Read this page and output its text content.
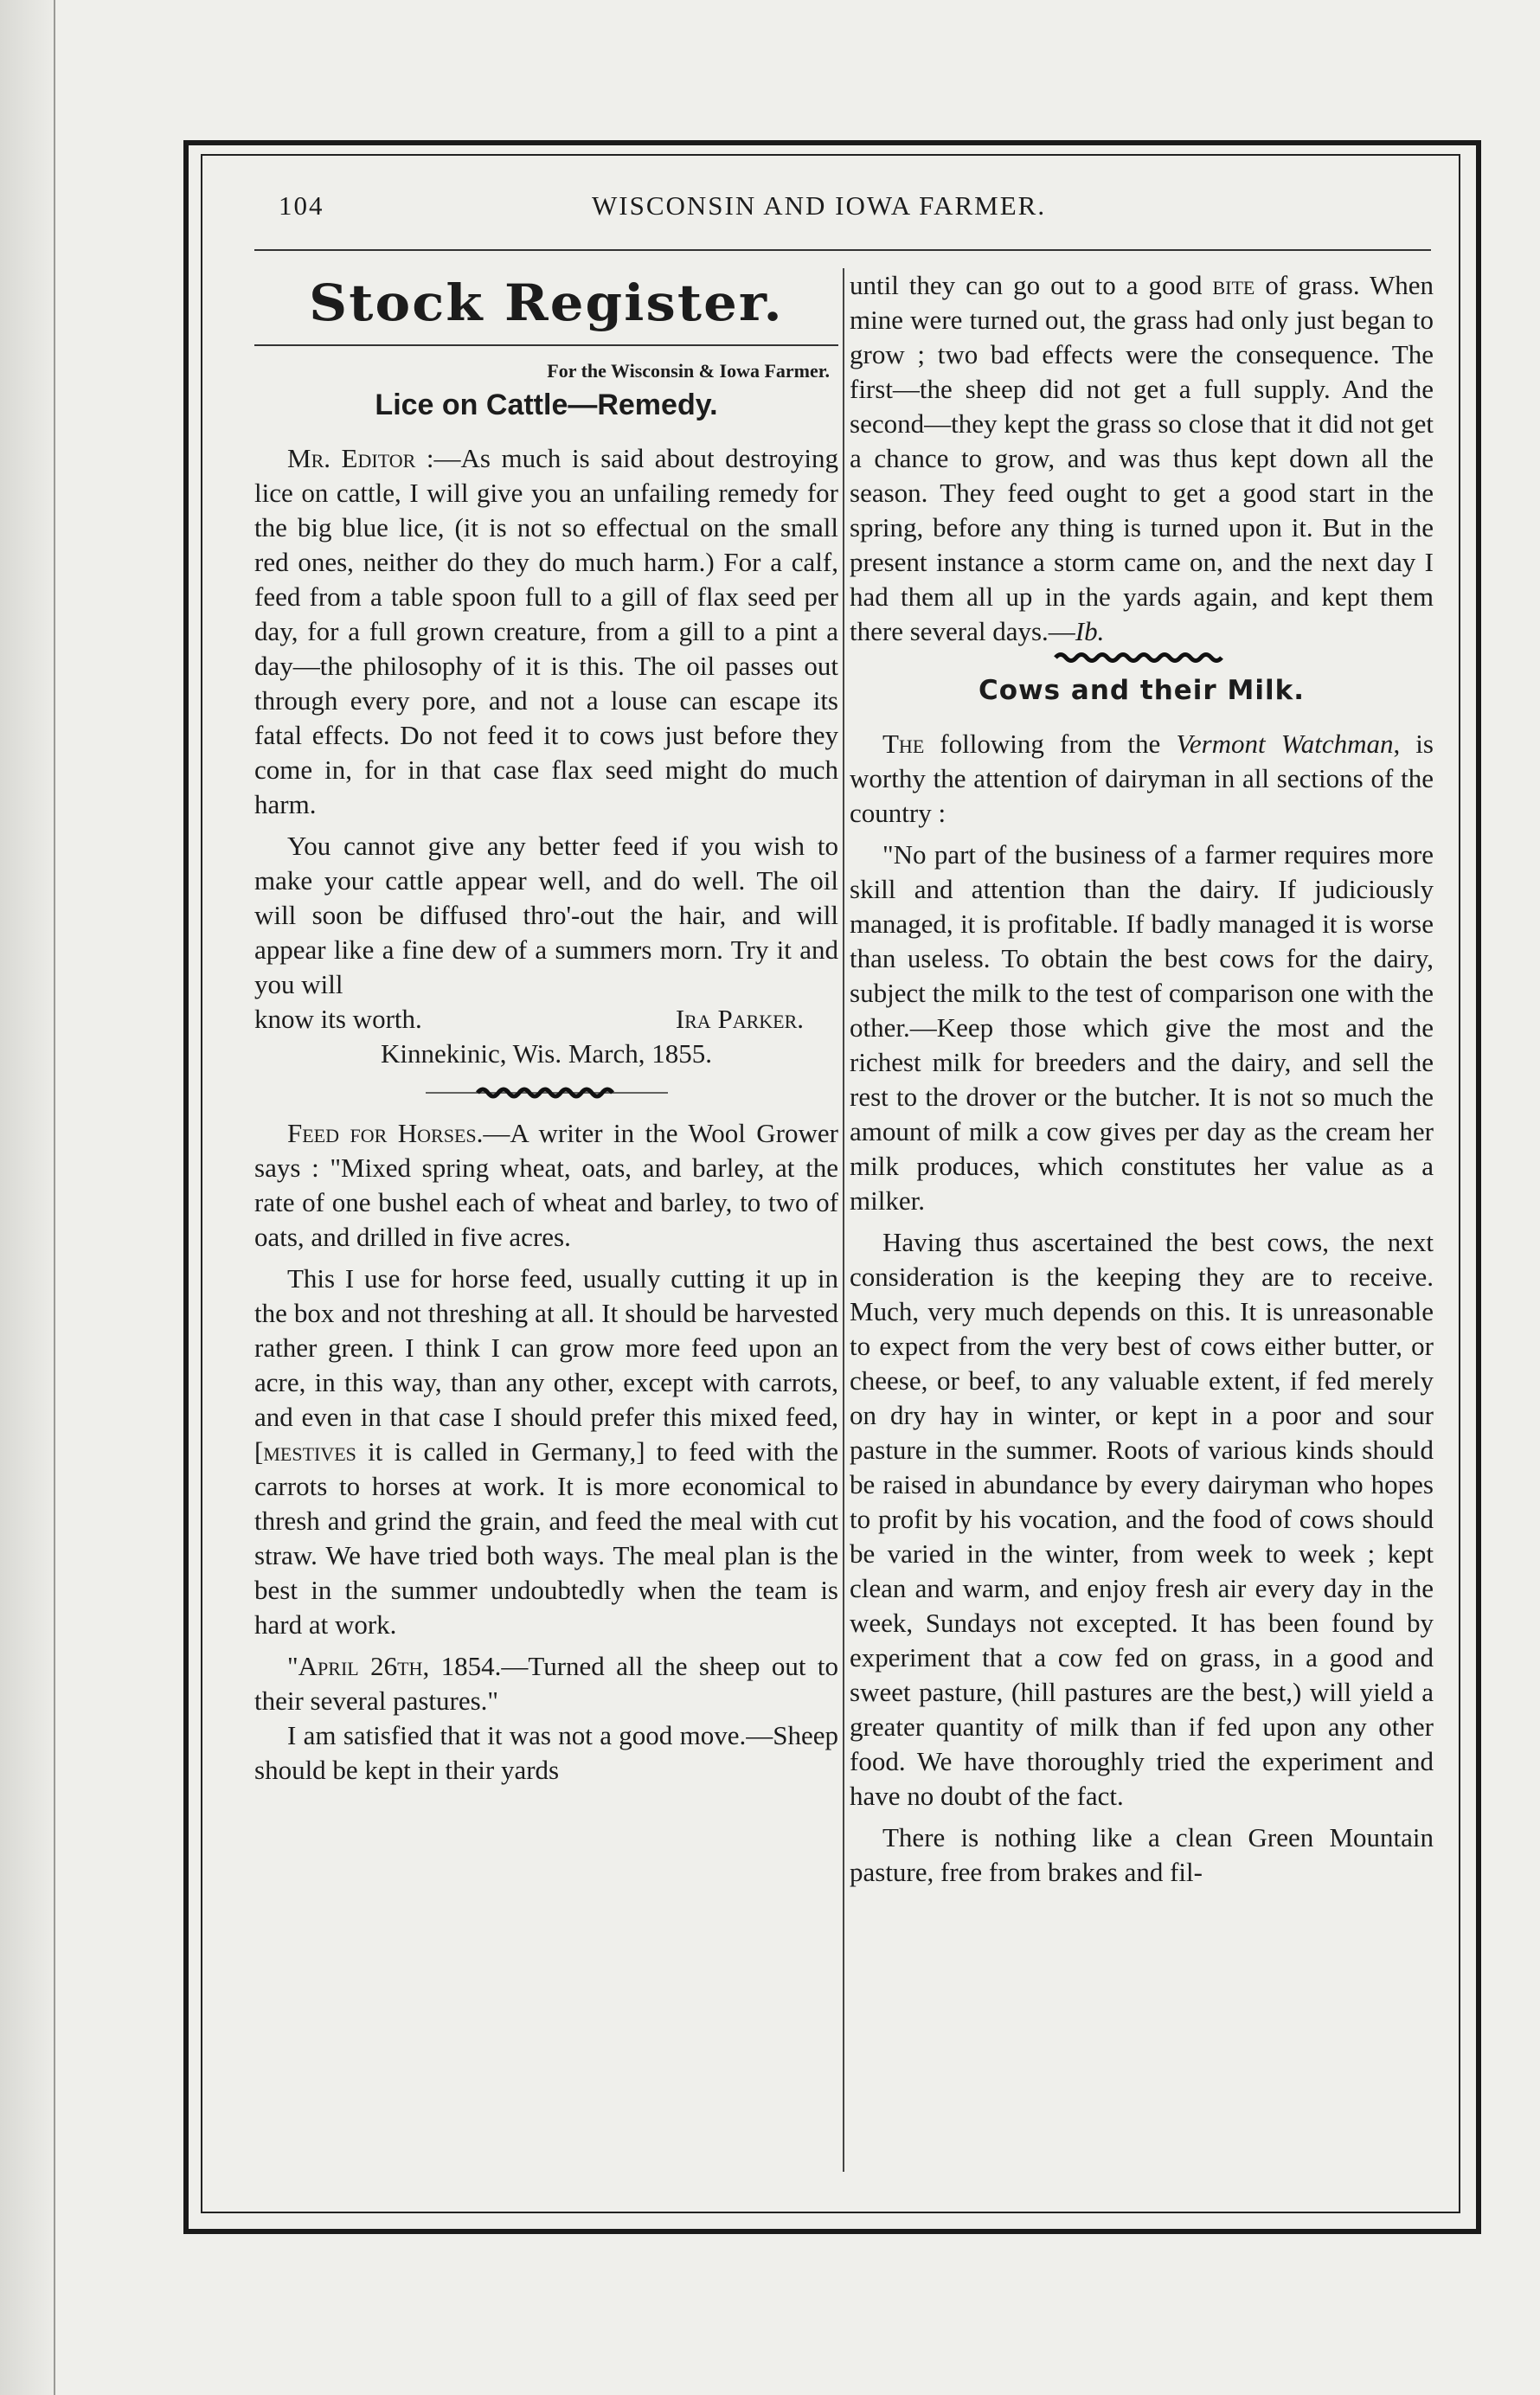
104	WISCONSIN AND IOWA FARMER.
Stock Register.
For the Wisconsin & Iowa Farmer.
Lice on Cattle—Remedy.

Mr. Editor :—As much is said about destroying lice on cattle, I will give you an unfailing remedy for the big blue lice, (it is not so effectual on the small red ones, neither do they do much harm.) For a calf, feed from a table spoon full to a gill of flax seed per day, for a full grown creature, from a gill to a pint a day—the philosophy of it is this. The oil passes out through every pore, and not a louse can escape its fatal effects. Do not feed it to cows just before they come in, for in that case flax seed might do much harm.

You cannot give any better feed if you wish to make your cattle appear well, and do well. The oil will soon be diffused thro'-out the hair, and will appear like a fine dew of a summers morn. Try it and you will

know its worth.	Ira Parker.

Kinnekinic, Wis. March, 1855.

Feed for Horses.—A writer in the Wool Grower says : "Mixed spring wheat, oats, and barley, at the rate of one bushel each of wheat and barley, to two of oats, and drilled in five acres.

This I use for horse feed, usually cutting it up in the box and not threshing at all. It should be harvested rather green. I think I can grow more feed upon an acre, in this way, than any other, except with carrots, and even in that case I should prefer this mixed feed, [mestives it is called in Germany,] to feed with the carrots to horses at work. It is more economical to thresh and grind the grain, and feed the meal with cut straw. We have tried both ways. The meal plan is the best in the summer undoubtedly when the team is hard at work.

"April 26th, 1854.—Turned all the sheep out to their several pastures."

I am satisfied that it was not a good move.—Sheep should be kept in their yards

until they can go out to a good bite of grass. When mine were turned out, the grass had only just began to grow ; two bad effects were the consequence. The first—the sheep did not get a full supply. And the second—they kept the grass so close that it did not get a chance to grow, and was thus kept down all the season. They feed ought to get a good start in the spring, before any thing is turned upon it. But in the present instance a storm came on, and the next day I had them all up in the yards again, and kept them there several days.—Ib.

Cows and their Milk.

The following from the Vermont Watchman, is worthy the attention of dairyman in all sections of the country :

"No part of the business of a farmer requires more skill and attention than the dairy. If judiciously managed, it is profitable. If badly managed it is worse than useless. To obtain the best cows for the dairy, subject the milk to the test of comparison one with the other.—Keep those which give the most and the richest milk for breeders and the dairy, and sell the rest to the drover or the butcher. It is not so much the amount of milk a cow gives per day as the cream her milk produces, which constitutes her value as a milker.

Having thus ascertained the best cows, the next consideration is the keeping they are to receive. Much, very much depends on this. It is unreasonable to expect from the very best of cows either butter, or cheese, or beef, to any valuable extent, if fed merely on dry hay in winter, or kept in a poor and sour pasture in the summer. Roots of various kinds should be raised in abundance by every dairyman who hopes to profit by his vocation, and the food of cows should be varied in the winter, from week to week ; kept clean and warm, and enjoy fresh air every day in the week, Sundays not excepted. It has been found by experiment that a cow fed on grass, in a good and sweet pasture, (hill pastures are the best,) will yield a greater quantity of milk than if fed upon any other food. We have thoroughly tried the experiment and have no doubt of the fact.

There is nothing like a clean Green Mountain pasture, free from brakes and fil-
